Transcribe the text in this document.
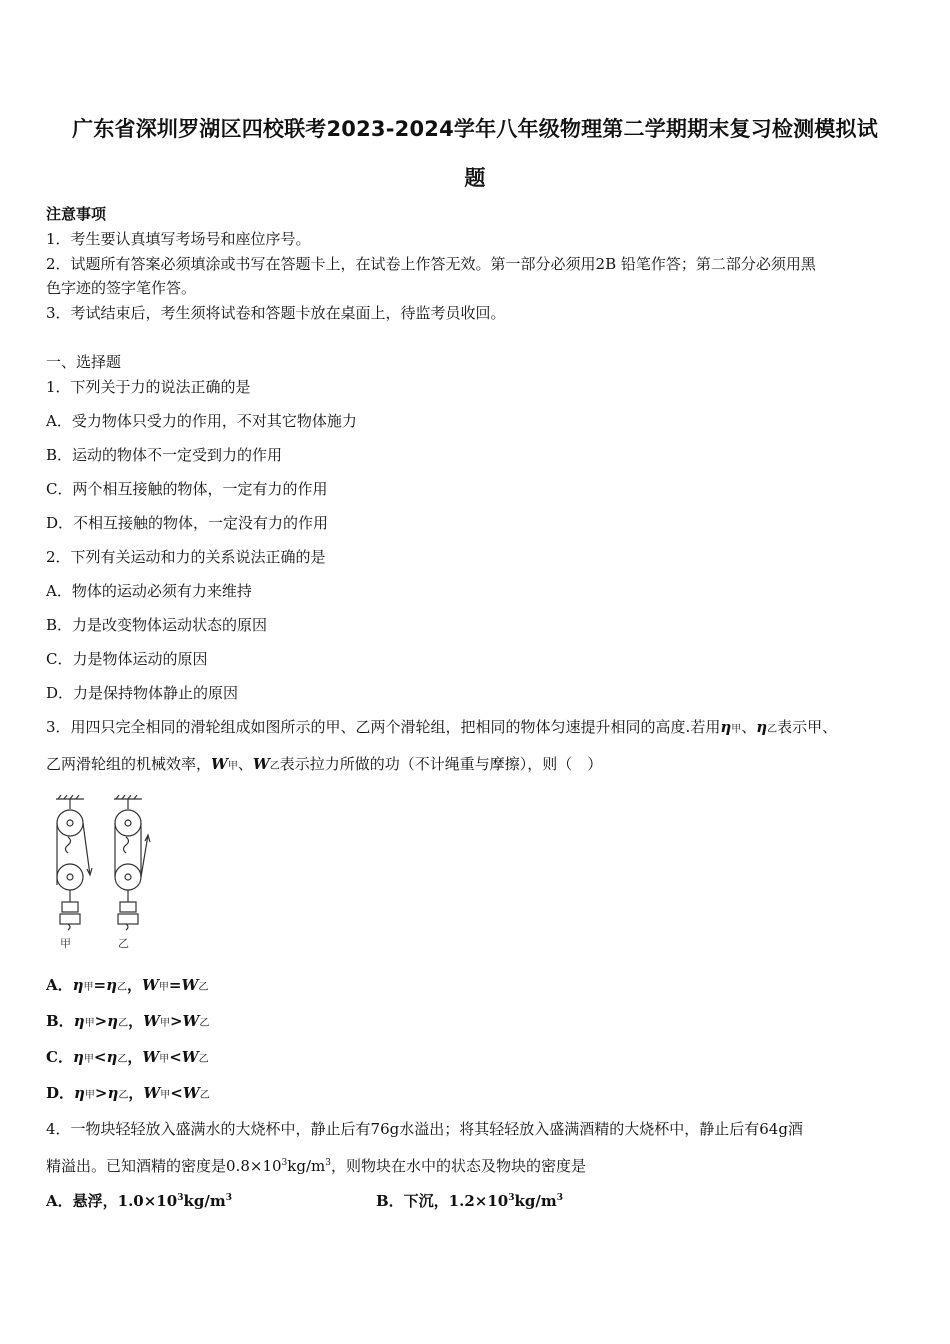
广东省深圳罗湖区四校联考2023-2024学年八年级物理第二学期期末复习检测模拟试
题
注意事项
1．考生要认真填写考场号和座位序号。
2．试题所有答案必须填涂或书写在答题卡上，在试卷上作答无效。第一部分必须用2B 铅笔作答；第二部分必须用黑
色字迹的签字笔作答。
3．考试结束后，考生须将试卷和答题卡放在桌面上，待监考员收回。
一、选择题
1．下列关于力的说法正确的是
A．受力物体只受力的作用，不对其它物体施力
B．运动的物体不一定受到力的作用
C．两个相互接触的物体，一定有力的作用
D．不相互接触的物体，一定没有力的作用
2．下列有关运动和力的关系说法正确的是
A．物体的运动必须有力来维持
B．力是改变物体运动状态的原因
C．力是物体运动的原因
D．力是保持物体静止的原因
3．用四只完全相同的滑轮组成如图所示的甲、乙两个滑轮组，把相同的物体匀速提升相同的高度.若用η甲、η乙表示甲、
乙两滑轮组的机械效率，W甲、W乙表示拉力所做的功（不计绳重与摩擦），则（　）
甲	乙
A．η甲=η乙，W甲=W乙
B．η甲>η乙，W甲>W乙
C．η甲<η乙，W甲<W乙
D．η甲>η乙，W甲<W乙
4．一物块轻轻放入盛满水的大烧杯中，静止后有76g水溢出；将其轻轻放入盛满酒精的大烧杯中，静止后有64g酒
精溢出。已知酒精的密度是$0.8\times 10^3kg/m^3$，则物块在水中的状态及物块的密度是
A．悬浮，$1.0\times 10^3kg/m^3$	B．下沉，$1.2\times 10^3kg/m^3$
